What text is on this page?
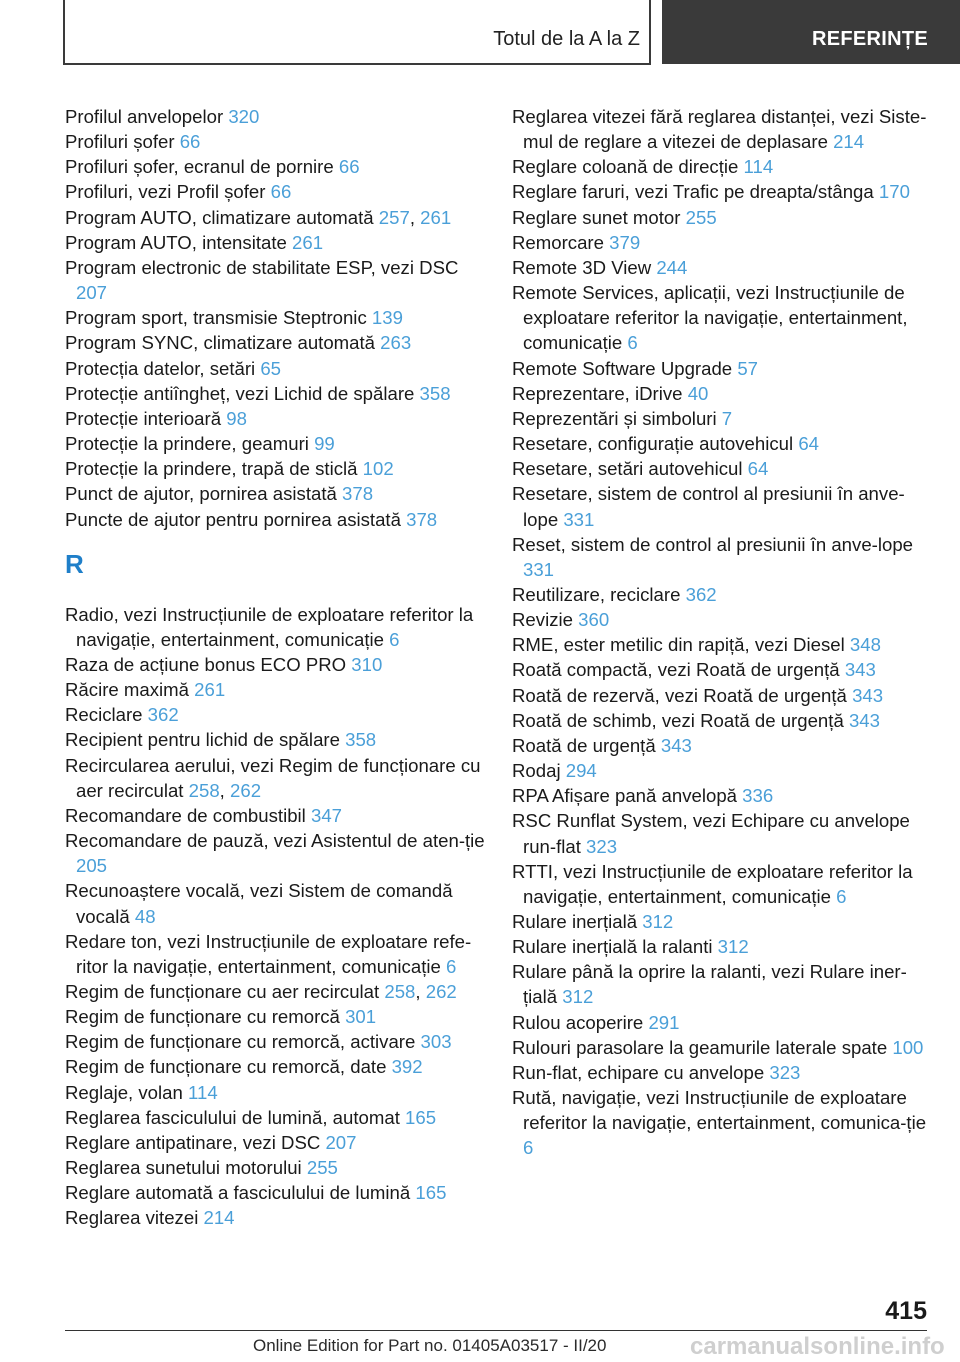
Totul de la A la Z	REFERINȚE
Profilul anvelopelor 320
Profiluri șofer 66
Profiluri șofer, ecranul de pornire 66
Profiluri, vezi Profil șofer 66
Program AUTO, climatizare automată 257, 261
Program AUTO, intensitate 261
Program electronic de stabilitate ESP, vezi DSC 207
Program sport, transmisie Steptronic 139
Program SYNC, climatizare automată 263
Protecția datelor, setări 65
Protecție antiîngheț, vezi Lichid de spălare 358
Protecție interioară 98
Protecție la prindere, geamuri 99
Protecție la prindere, trapă de sticlă 102
Punct de ajutor, pornirea asistată 378
Puncte de ajutor pentru pornirea asistată 378
R
Radio, vezi Instrucțiunile de exploatare referitor la navigație, entertainment, comunicație 6
Raza de acțiune bonus ECO PRO 310
Răcire maximă 261
Reciclare 362
Recipient pentru lichid de spălare 358
Recircularea aerului, vezi Regim de funcționare cu aer recirculat 258, 262
Recomandare de combustibil 347
Recomandare de pauză, vezi Asistentul de aten‐ție 205
Recunoaștere vocală, vezi Sistem de comandă vocală 48
Redare ton, vezi Instrucțiunile de exploatare refe‐ritor la navigație, entertainment, comunicație 6
Regim de funcționare cu aer recirculat 258, 262
Regim de funcționare cu remorcă 301
Regim de funcționare cu remorcă, activare 303
Regim de funcționare cu remorcă, date 392
Reglaje, volan 114
Reglarea fasciculului de lumină, automat 165
Reglare antipatinare, vezi DSC 207
Reglarea sunetului motorului 255
Reglare automată a fasciculului de lumină 165
Reglarea vitezei 214
Reglarea vitezei fără reglarea distanței, vezi Siste‐mul de reglare a vitezei de deplasare 214
Reglare coloană de direcție 114
Reglare faruri, vezi Trafic pe dreapta/stânga 170
Reglare sunet motor 255
Remorcare 379
Remote 3D View 244
Remote Services, aplicații, vezi Instrucțiunile de exploatare referitor la navigație, entertainment, comunicație 6
Remote Software Upgrade 57
Reprezentare, iDrive 40
Reprezentări și simboluri 7
Resetare, configurație autovehicul 64
Resetare, setări autovehicul 64
Resetare, sistem de control al presiunii în anve‐lope 331
Reset, sistem de control al presiunii în anve‐lope 331
Reutilizare, reciclare 362
Revizie 360
RME, ester metilic din rapiță, vezi Diesel 348
Roată compactă, vezi Roată de urgență 343
Roată de rezervă, vezi Roată de urgență 343
Roată de schimb, vezi Roată de urgență 343
Roată de urgență 343
Rodaj 294
RPA Afișare pană anvelopă 336
RSC Runflat System, vezi Echipare cu anvelope run-flat 323
RTTI, vezi Instrucțiunile de exploatare referitor la navigație, entertainment, comunicație 6
Rulare inerțială 312
Rulare inerțială la ralanti 312
Rulare până la oprire la ralanti, vezi Rulare iner‐țială 312
Rulou acoperire 291
Rulouri parasolare la geamurile laterale spate 100
Run-flat, echipare cu anvelope 323
Rută, navigație, vezi Instrucțiunile de exploatare referitor la navigație, entertainment, comunica‐ție 6
415
Online Edition for Part no. 01405A03517 - II/20	carmanualsonline.info
